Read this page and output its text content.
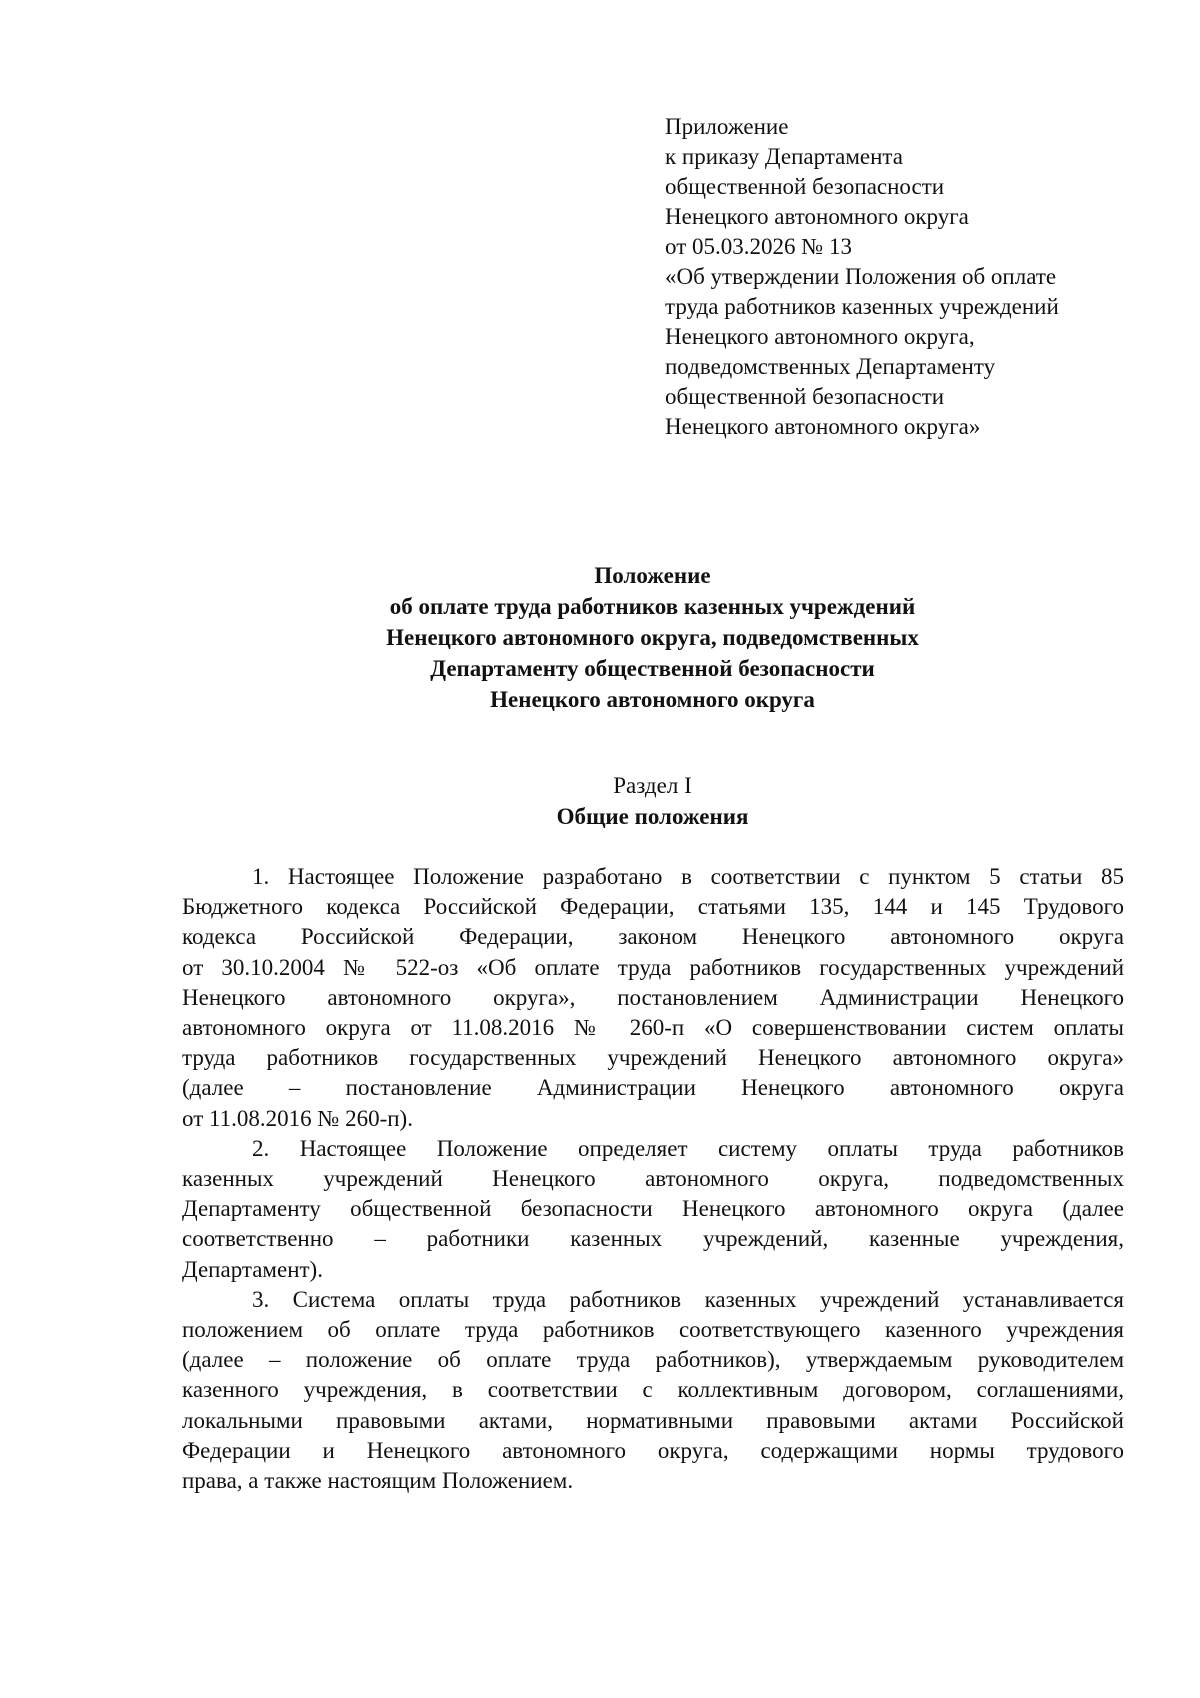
Приложение
к приказу Департамента
общественной безопасности
Ненецкого автономного округа
от 05.03.2026 № 13
«Об утверждении Положения об оплате
труда работников казенных учреждений
Ненецкого автономного округа,
подведомственных Департаменту
общественной безопасности
Ненецкого автономного округа»
Положение
об оплате труда работников казенных учреждений
Ненецкого автономного округа, подведомственных
Департаменту общественной безопасности
Ненецкого автономного округа
Раздел I
Общие положения
1. Настоящее Положение разработано в соответствии с пунктом 5 статьи 85
Бюджетного кодекса Российской Федерации, статьями 135, 144 и 145 Трудового
кодекса Российской Федерации, законом Ненецкого автономного округа
от 30.10.2004 № 522-оз «Об оплате труда работников государственных учреждений
Ненецкого автономного округа», постановлением Администрации Ненецкого
автономного округа от 11.08.2016 № 260-п «О совершенствовании систем оплаты
труда работников государственных учреждений Ненецкого автономного округа»
(далее – постановление Администрации Ненецкого автономного округа
от 11.08.2016 № 260-п).
2. Настоящее Положение определяет систему оплаты труда работников
казенных учреждений Ненецкого автономного округа, подведомственных
Департаменту общественной безопасности Ненецкого автономного округа (далее
соответственно – работники казенных учреждений, казенные учреждения,
Департамент).
3. Система оплаты труда работников казенных учреждений устанавливается
положением об оплате труда работников соответствующего казенного учреждения
(далее – положение об оплате труда работников), утверждаемым руководителем
казенного учреждения, в соответствии с коллективным договором, соглашениями,
локальными правовыми актами, нормативными правовыми актами Российской
Федерации и Ненецкого автономного округа, содержащими нормы трудового
права, а также настоящим Положением.
